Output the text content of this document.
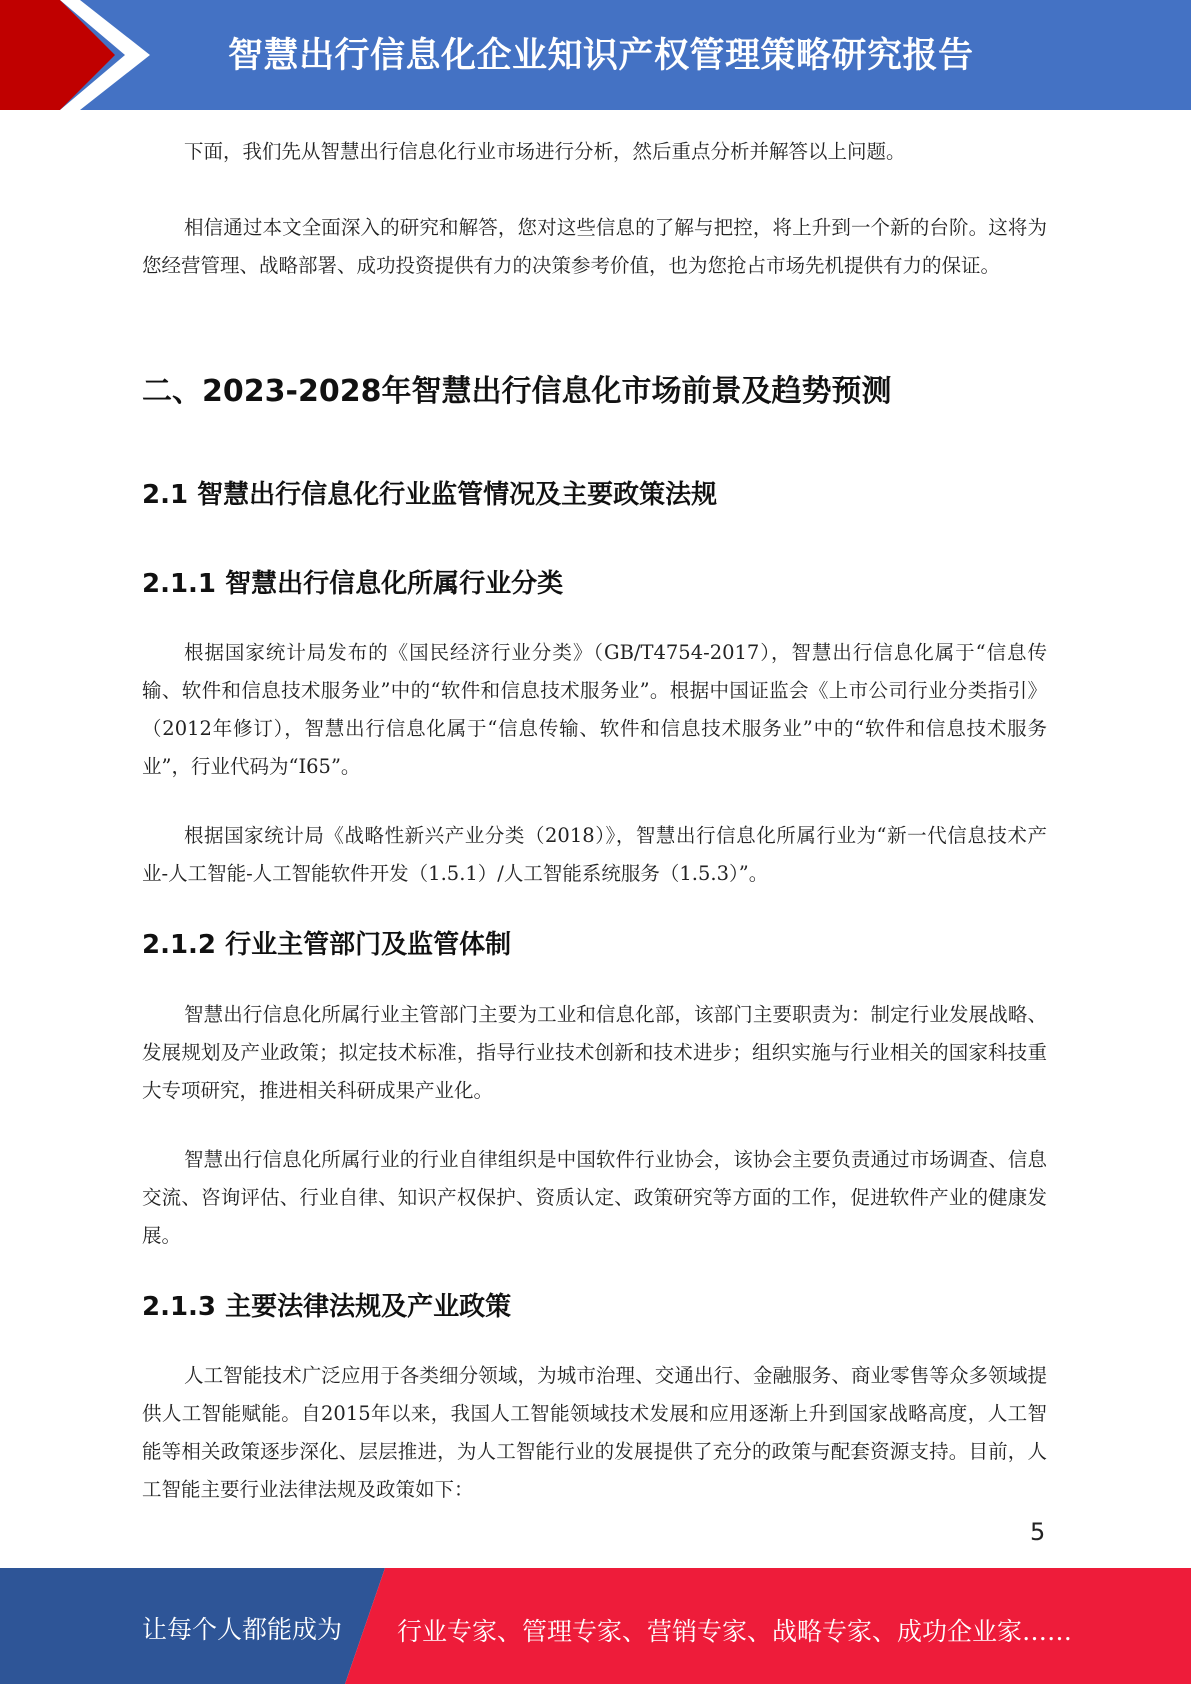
智慧出行信息化企业知识产权管理策略研究报告

下面，我们先从智慧出行信息化行业市场进行分析，然后重点分析并解答以上问题。

相信通过本文全面深入的研究和解答，您对这些信息的了解与把控，将上升到一个新的台阶。这将为您经营管理、战略部署、成功投资提供有力的决策参考价值，也为您抢占市场先机提供有力的保证。

二、2023-2028年智慧出行信息化市场前景及趋势预测
2.1 智慧出行信息化行业监管情况及主要政策法规
2.1.1 智慧出行信息化所属行业分类

根据国家统计局发布的《国民经济行业分类》（GB/T4754-2017），智慧出行信息化属于“信息传输、软件和信息技术服务业”中的“软件和信息技术服务业”。根据中国证监会《上市公司行业分类指引》（2012年修订），智慧出行信息化属于“信息传输、软件和信息技术服务业”中的“软件和信息技术服务业”，行业代码为“I65”。

根据国家统计局《战略性新兴产业分类（2018）》，智慧出行信息化所属行业为“新一代信息技术产业-人工智能-人工智能软件开发（1.5.1）/人工智能系统服务（1.5.3）”。

2.1.2 行业主管部门及监管体制

智慧出行信息化所属行业主管部门主要为工业和信息化部，该部门主要职责为：制定行业发展战略、发展规划及产业政策；拟定技术标准，指导行业技术创新和技术进步；组织实施与行业相关的国家科技重大专项研究，推进相关科研成果产业化。

智慧出行信息化所属行业的行业自律组织是中国软件行业协会，该协会主要负责通过市场调查、信息交流、咨询评估、行业自律、知识产权保护、资质认定、政策研究等方面的工作，促进软件产业的健康发展。

2.1.3 主要法律法规及产业政策

人工智能技术广泛应用于各类细分领域，为城市治理、交通出行、金融服务、商业零售等众多领域提供人工智能赋能。自2015年以来，我国人工智能领域技术发展和应用逐渐上升到国家战略高度，人工智能等相关政策逐步深化、层层推进，为人工智能行业的发展提供了充分的政策与配套资源支持。目前，人工智能主要行业法律法规及政策如下：

5
让每个人都能成为 行业专家、管理专家、营销专家、战略专家、成功企业家……
